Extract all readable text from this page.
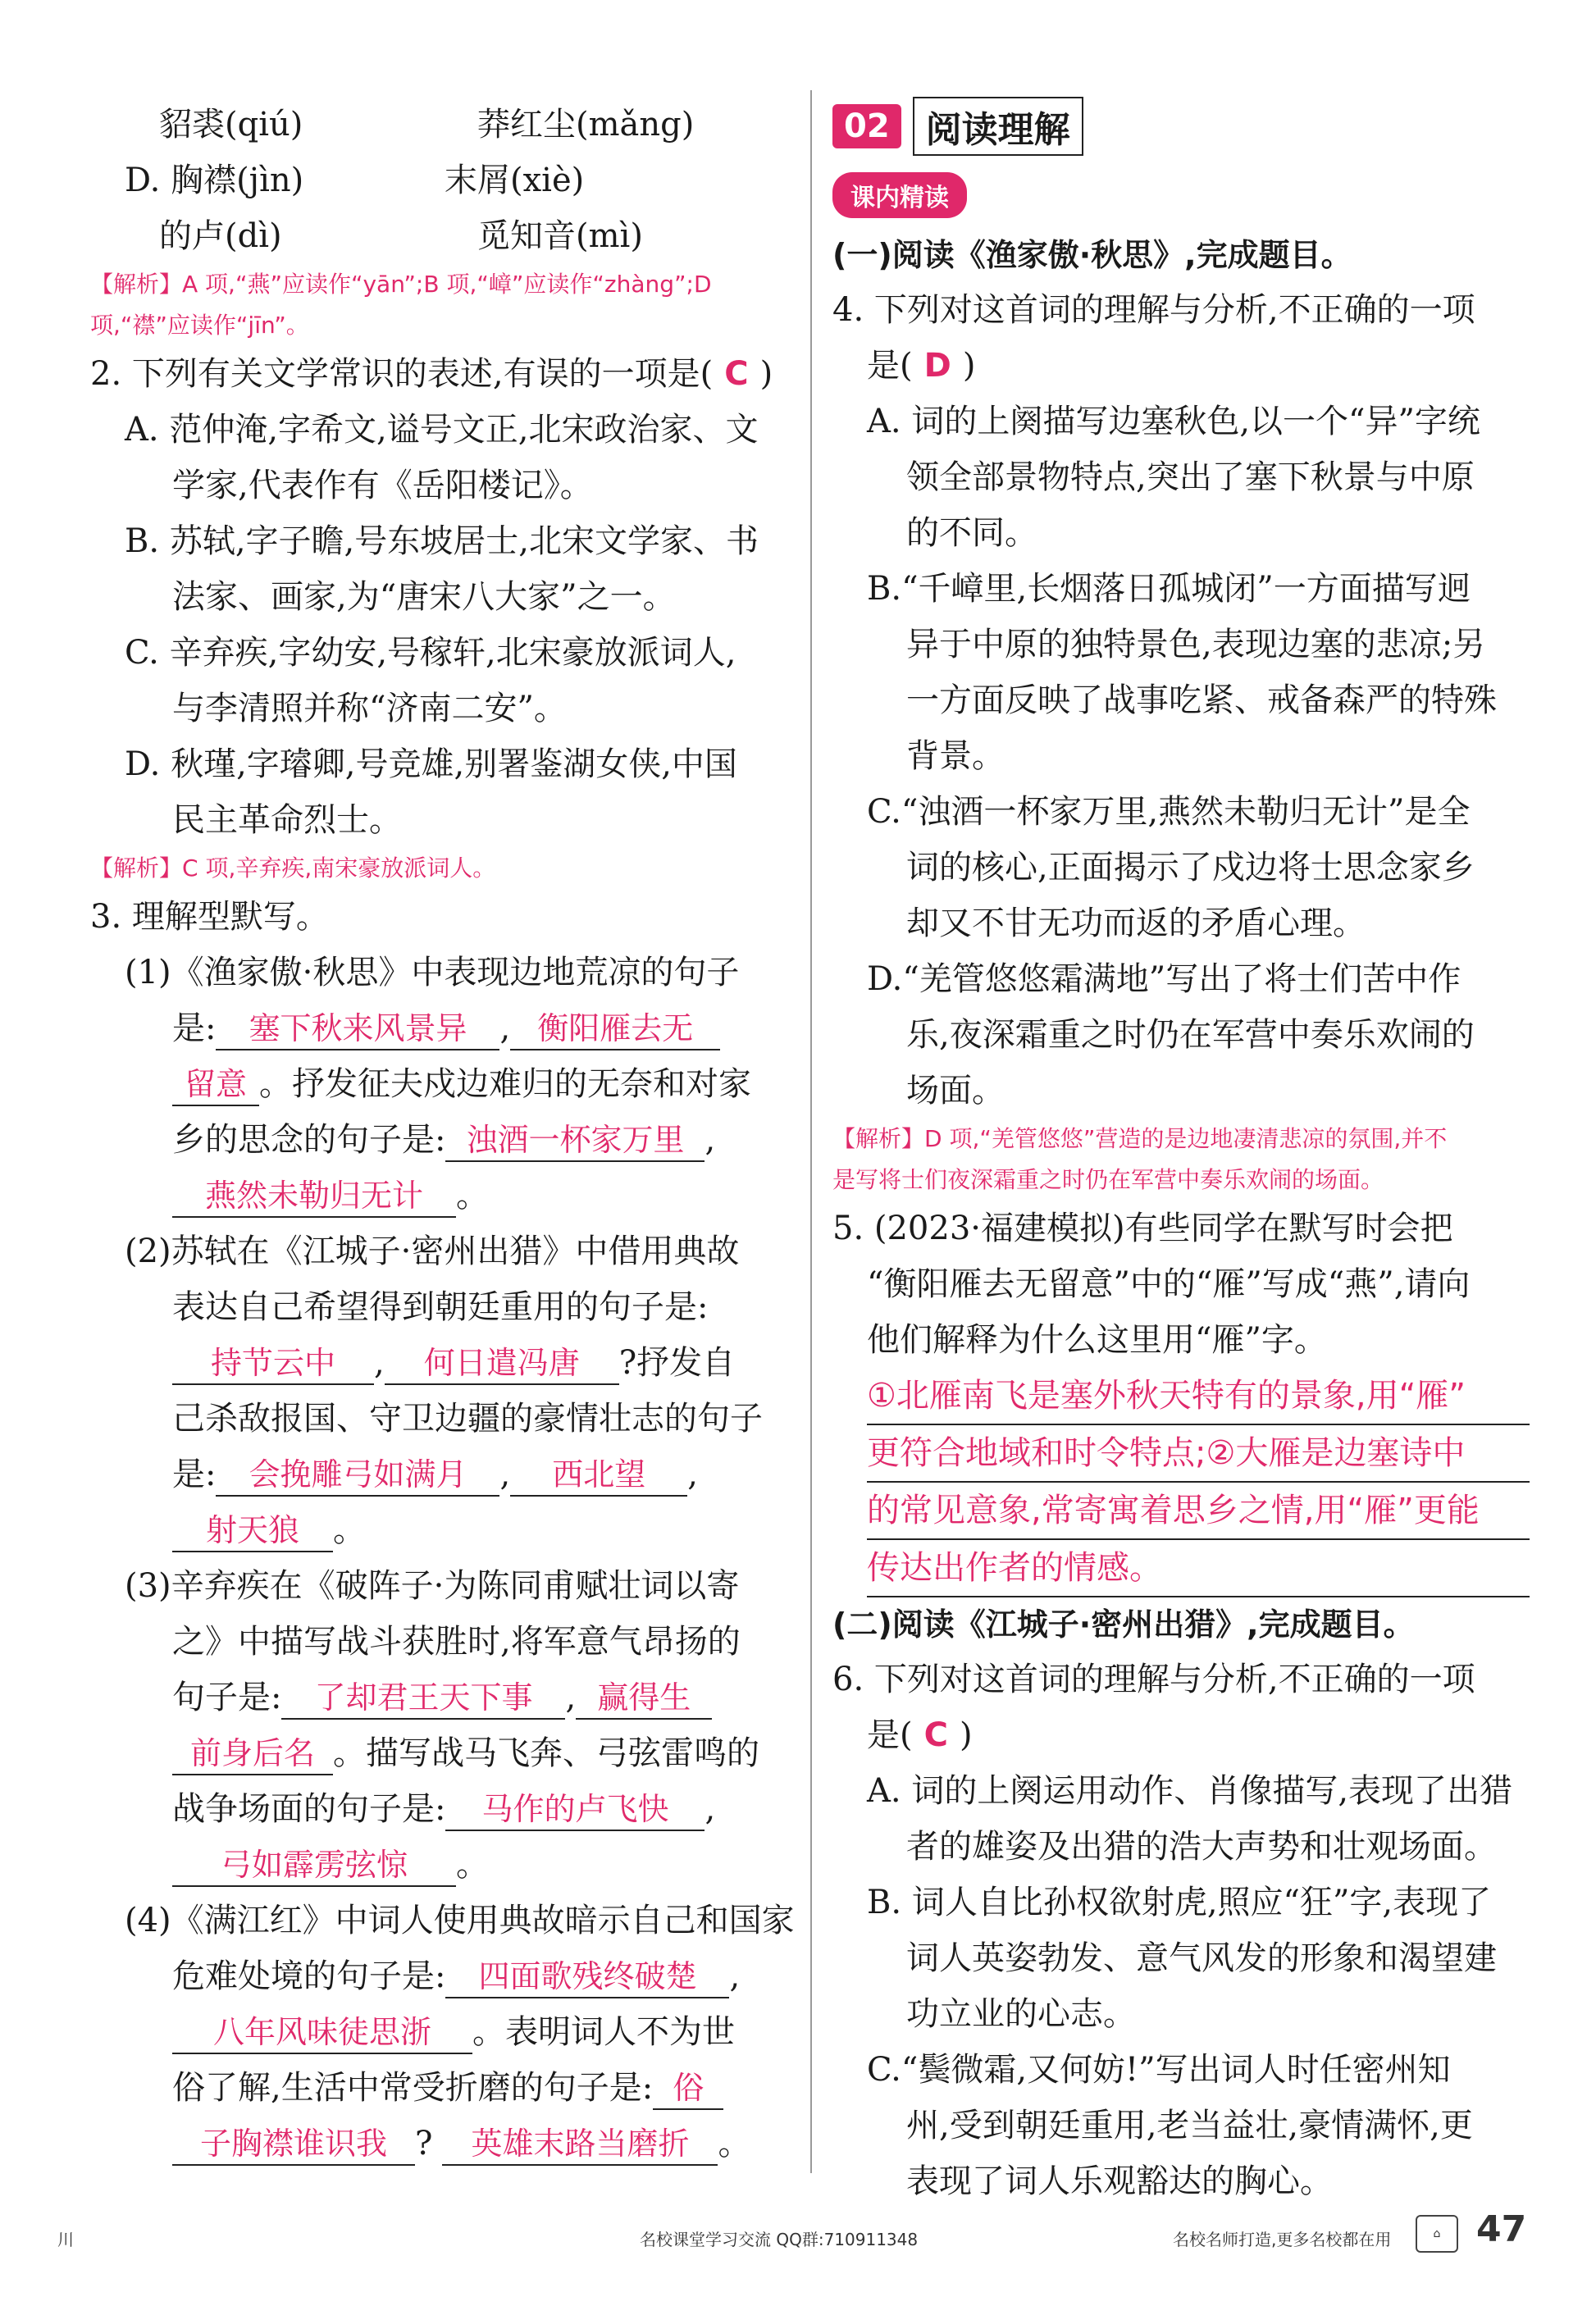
貂裘(qiú)	莽红尘(mǎng)
D. 胸襟(jìn)	末屑(xiè)
的卢(dì)	觅知音(mì)
【解析】A 项,“燕”应读作“yān”;B 项,“嶂”应读作“zhàng”;D
项,“襟”应读作“jīn”。
2. 下列有关文学常识的表述,有误的一项是( C )
A. 范仲淹,字希文,谥号文正,北宋政治家、文
学家,代表作有《岳阳楼记》。
B. 苏轼,字子瞻,号东坡居士,北宋文学家、书
法家、画家,为“唐宋八大家”之一。
C. 辛弃疾,字幼安,号稼轩,北宋豪放派词人,
与李清照并称“济南二安”。
D. 秋瑾,字璿卿,号竞雄,别署鉴湖女侠,中国
民主革命烈士。
【解析】C 项,辛弃疾,南宋豪放派词人。
3. 理解型默写。
(1)《渔家傲·秋思》中表现边地荒凉的句子
是: 塞下秋来风景异 , 衡阳雁去无
留意 。抒发征夫戍边难归的无奈和对家
乡的思念的句子是: 浊酒一杯家万里 ,
燕然未勒归无计 。
(2)苏轼在《江城子·密州出猎》中借用典故
表达自己希望得到朝廷重用的句子是:
持节云中 , 何日遣冯唐 ?抒发自
己杀敌报国、守卫边疆的豪情壮志的句子
是: 会挽雕弓如满月 , 西北望 ,
射天狼 。
(3)辛弃疾在《破阵子·为陈同甫赋壮词以寄
之》中描写战斗获胜时,将军意气昂扬的
句子是: 了却君王天下事 , 赢得生
前身后名 。描写战马飞奔、弓弦雷鸣的
战争场面的句子是: 马作的卢飞快 ,
弓如霹雳弦惊 。
(4)《满江红》中词人使用典故暗示自己和国家
危难处境的句子是: 四面歌残终破楚 ,
八年风味徒思浙 。表明词人不为世
俗了解,生活中常受折磨的句子是: 俗
子胸襟谁识我 ? 英雄末路当磨折 。
02	阅读理解
课内精读
(一)阅读《渔家傲·秋思》,完成题目。
4. 下列对这首词的理解与分析,不正确的一项
是( D )
A. 词的上阕描写边塞秋色,以一个“异”字统
领全部景物特点,突出了塞下秋景与中原
的不同。
B.“千嶂里,长烟落日孤城闭”一方面描写迥
异于中原的独特景色,表现边塞的悲凉;另
一方面反映了战事吃紧、戒备森严的特殊
背景。
C.“浊酒一杯家万里,燕然未勒归无计”是全
词的核心,正面揭示了戍边将士思念家乡
却又不甘无功而返的矛盾心理。
D.“羌管悠悠霜满地”写出了将士们苦中作
乐,夜深霜重之时仍在军营中奏乐欢闹的
场面。
【解析】D 项,“羌管悠悠”营造的是边地凄清悲凉的氛围,并不
是写将士们夜深霜重之时仍在军营中奏乐欢闹的场面。
5. (2023·福建模拟)有些同学在默写时会把
“衡阳雁去无留意”中的“雁”写成“燕”,请向
他们解释为什么这里用“雁”字。
①北雁南飞是塞外秋天特有的景象,用“雁”
更符合地域和时令特点;②大雁是边塞诗中
的常见意象,常寄寓着思乡之情,用“雁”更能
传达出作者的情感。
(二)阅读《江城子·密州出猎》,完成题目。
6. 下列对这首词的理解与分析,不正确的一项
是( C )
A. 词的上阕运用动作、肖像描写,表现了出猎
者的雄姿及出猎的浩大声势和壮观场面。
B. 词人自比孙权欲射虎,照应“狂”字,表现了
词人英姿勃发、意气风发的形象和渴望建
功立业的心志。
C.“鬓微霜,又何妨!”写出词人时任密州知
州,受到朝廷重用,老当益壮,豪情满怀,更
表现了词人乐观豁达的胸心。
川	名校课堂学习交流 QQ群:710911348	名校名师打造,更多名校都在用	⌂ 47
